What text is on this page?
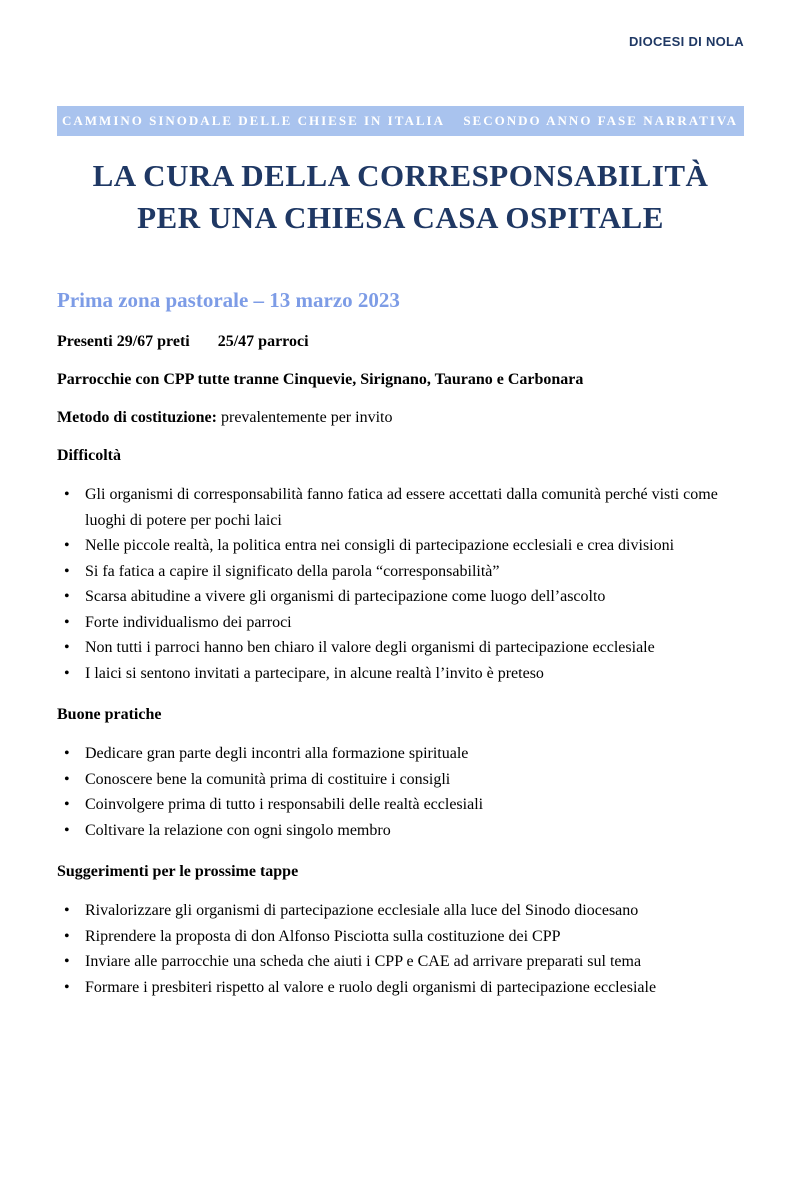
DIOCESI DI NOLA
CAMMINO SINODALE DELLE CHIESE IN ITALIA SECONDO ANNO FASE NARRATIVA
LA CURA DELLA CORRESPONSABILITÀ
PER UNA CHIESA CASA OSPITALE
Prima zona pastorale – 13 marzo 2023

Presenti 29/67 preti 25/47 parroci

Parrocchie con CPP tutte tranne Cinquevie, Sirignano, Taurano e Carbonara

Metodo di costituzione: prevalentemente per invito

Difficoltà
• Gli organismi di corresponsabilità fanno fatica ad essere accettati dalla comunità perché visti come luoghi di potere per pochi laici
• Nelle piccole realtà, la politica entra nei consigli di partecipazione ecclesiali e crea divisioni
• Si fa fatica a capire il significato della parola “corresponsabilità”
• Scarsa abitudine a vivere gli organismi di partecipazione come luogo dell’ascolto
• Forte individualismo dei parroci
• Non tutti i parroci hanno ben chiaro il valore degli organismi di partecipazione ecclesiale
• I laici si sentono invitati a partecipare, in alcune realtà l’invito è preteso
Buone pratiche
• Dedicare gran parte degli incontri alla formazione spirituale
• Conoscere bene la comunità prima di costituire i consigli
• Coinvolgere prima di tutto i responsabili delle realtà ecclesiali
• Coltivare la relazione con ogni singolo membro
Suggerimenti per le prossime tappe
• Rivalorizzare gli organismi di partecipazione ecclesiale alla luce del Sinodo diocesano
• Riprendere la proposta di don Alfonso Pisciotta sulla costituzione dei CPP
• Inviare alle parrocchie una scheda che aiuti i CPP e CAE ad arrivare preparati sul tema
• Formare i presbiteri rispetto al valore e ruolo degli organismi di partecipazione ecclesiale
